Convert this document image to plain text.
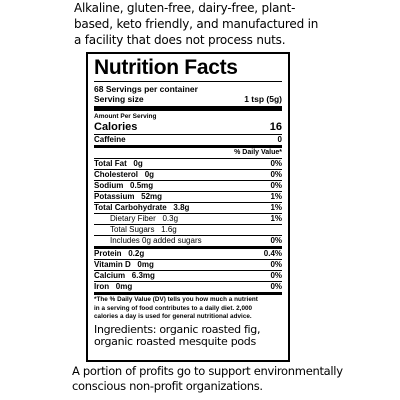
Alkaline, gluten-free, dairy-free, plant-
based, keto friendly, and manufactured in
a facility that does not process nuts.
Nutrition Facts
68 Servings per container
Serving size	1 tsp (5g)
Amount Per Serving
Calories	16
Caffeine	0
% Daily Value*
Total Fat 0g	0%
Cholesterol 0g	0%
Sodium 0.5mg	0%
Potassium 52mg	1%
Total Carbohydrate 3.8g	1%
Dietary Fiber 0.3g	1%
Total Sugars 1.6g
Includes 0g added sugars	0%
Protein 0.2g	0.4%
Vitamin D 0mg	0%
Calcium 6.3mg	0%
Iron 0mg	0%
*The % Daily Value (DV) tells you how much a nutrient
in a serving of food contributes to a daily diet. 2,000
calories a day is used for general nutritional advice.
Ingredients: organic roasted fig,
organic roasted mesquite pods
A portion of profits go to support environmentally
conscious non-profit organizations.
